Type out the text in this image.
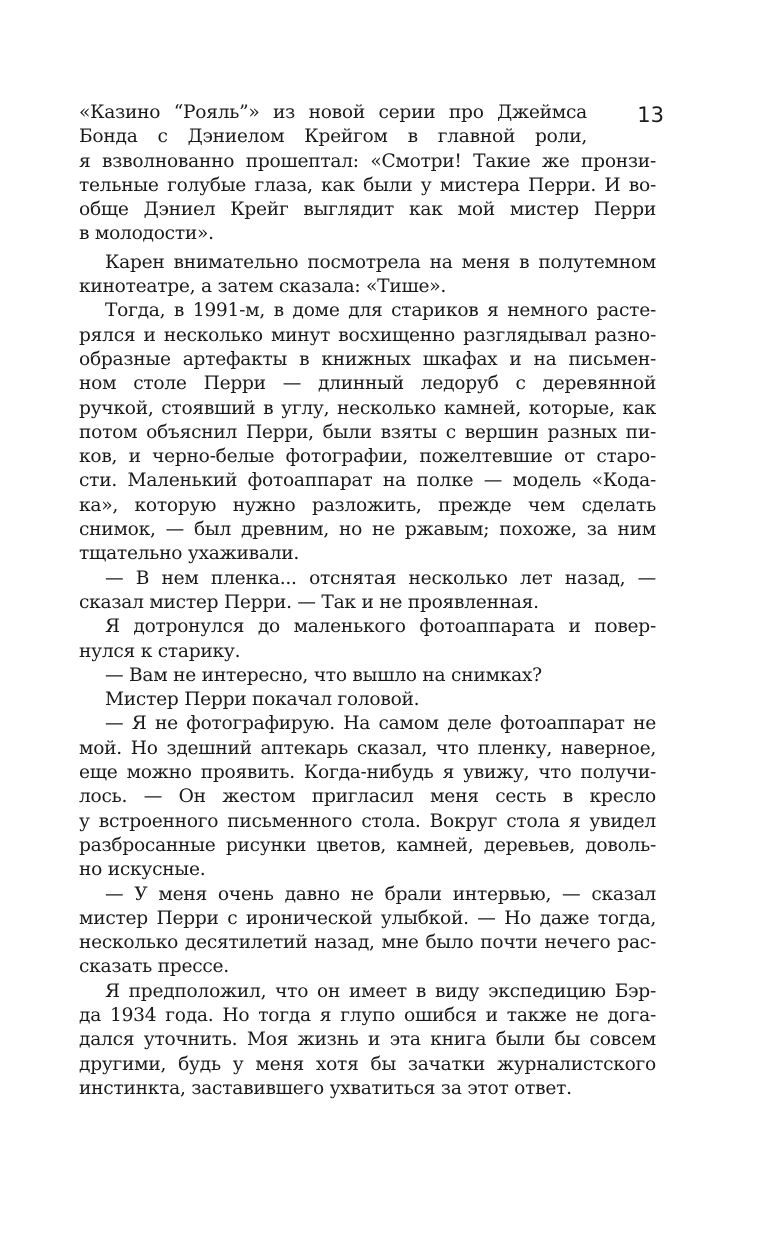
13
«Казино “Рояль”» из новой серии про Джеймса
Бонда с Дэниелом Крейгом в главной роли,
я взволнованно прошептал: «Смотри! Такие же пронзи-
тельные голубые глаза, как были у мистера Перри. И во-
обще Дэниел Крейг выглядит как мой мистер Перри
в молодости».
Карен внимательно посмотрела на меня в полутемном
кинотеатре, а затем сказала: «Тише».
Тогда, в 1991-м, в доме для стариков я немного расте-
рялся и несколько минут восхищенно разглядывал разно-
образные артефакты в книжных шкафах и на письмен-
ном столе Перри — длинный ледоруб с деревянной
ручкой, стоявший в углу, несколько камней, которые, как
потом объяснил Перри, были взяты с вершин разных пи-
ков, и черно-белые фотографии, пожелтевшие от старо-
сти. Маленький фотоаппарат на полке — модель «Кода-
ка», которую нужно разложить, прежде чем сделать
снимок, — был древним, но не ржавым; похоже, за ним
тщательно ухаживали.
— В нем пленка... отснятая несколько лет назад, —
сказал мистер Перри. — Так и не проявленная.
Я дотронулся до маленького фотоаппарата и повер-
нулся к старику.
— Вам не интересно, что вышло на снимках?
Мистер Перри покачал головой.
— Я не фотографирую. На самом деле фотоаппарат не
мой. Но здешний аптекарь сказал, что пленку, наверное,
еще можно проявить. Когда-нибудь я увижу, что получи-
лось. — Он жестом пригласил меня сесть в кресло
у встроенного письменного стола. Вокруг стола я увидел
разбросанные рисунки цветов, камней, деревьев, доволь-
но искусные.
— У меня очень давно не брали интервью, — сказал
мистер Перри с иронической улыбкой. — Но даже тогда,
несколько десятилетий назад, мне было почти нечего рас-
сказать прессе.
Я предположил, что он имеет в виду экспедицию Бэр-
да 1934 года. Но тогда я глупо ошибся и также не дога-
дался уточнить. Моя жизнь и эта книга были бы совсем
другими, будь у меня хотя бы зачатки журналистского
инстинкта, заставившего ухватиться за этот ответ.
